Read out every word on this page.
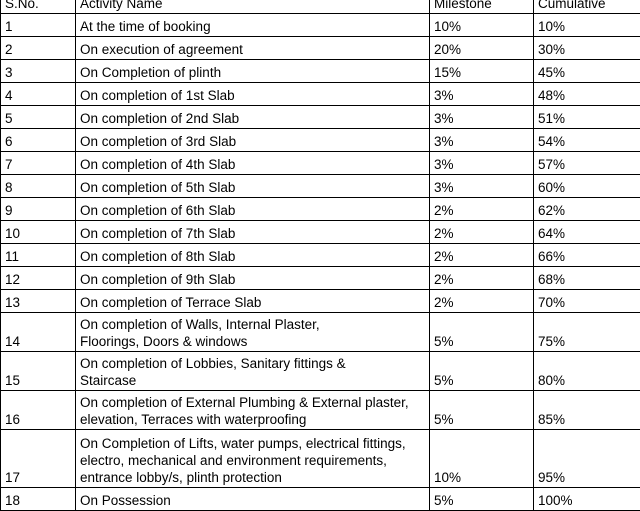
S.No.	Activity Name	Milestone	Cumulative
1	At the time of booking	10%	10%
2	On execution of agreement	20%	30%
3	On Completion of plinth	15%	45%
4	On completion of 1st Slab	3%	48%
5	On completion of 2nd Slab	3%	51%
6	On completion of 3rd Slab	3%	54%
7	On completion of 4th Slab	3%	57%
8	On completion of 5th Slab	3%	60%
9	On completion of 6th Slab	2%	62%
10	On completion of 7th Slab	2%	64%
11	On completion of 8th Slab	2%	66%
12	On completion of 9th Slab	2%	68%
13	On completion of Terrace Slab	2%	70%
14	On completion of Walls, Internal Plaster,
Floorings, Doors & windows	5%	75%
15	On completion of Lobbies, Sanitary fittings &
Staircase	5%	80%
16	On completion of External Plumbing & External plaster,
elevation, Terraces with waterproofing	5%	85%
17	On Completion of Lifts, water pumps, electrical fittings,
electro, mechanical and environment requirements,
entrance lobby/s, plinth protection	10%	95%
18	On Possession	5%	100%
